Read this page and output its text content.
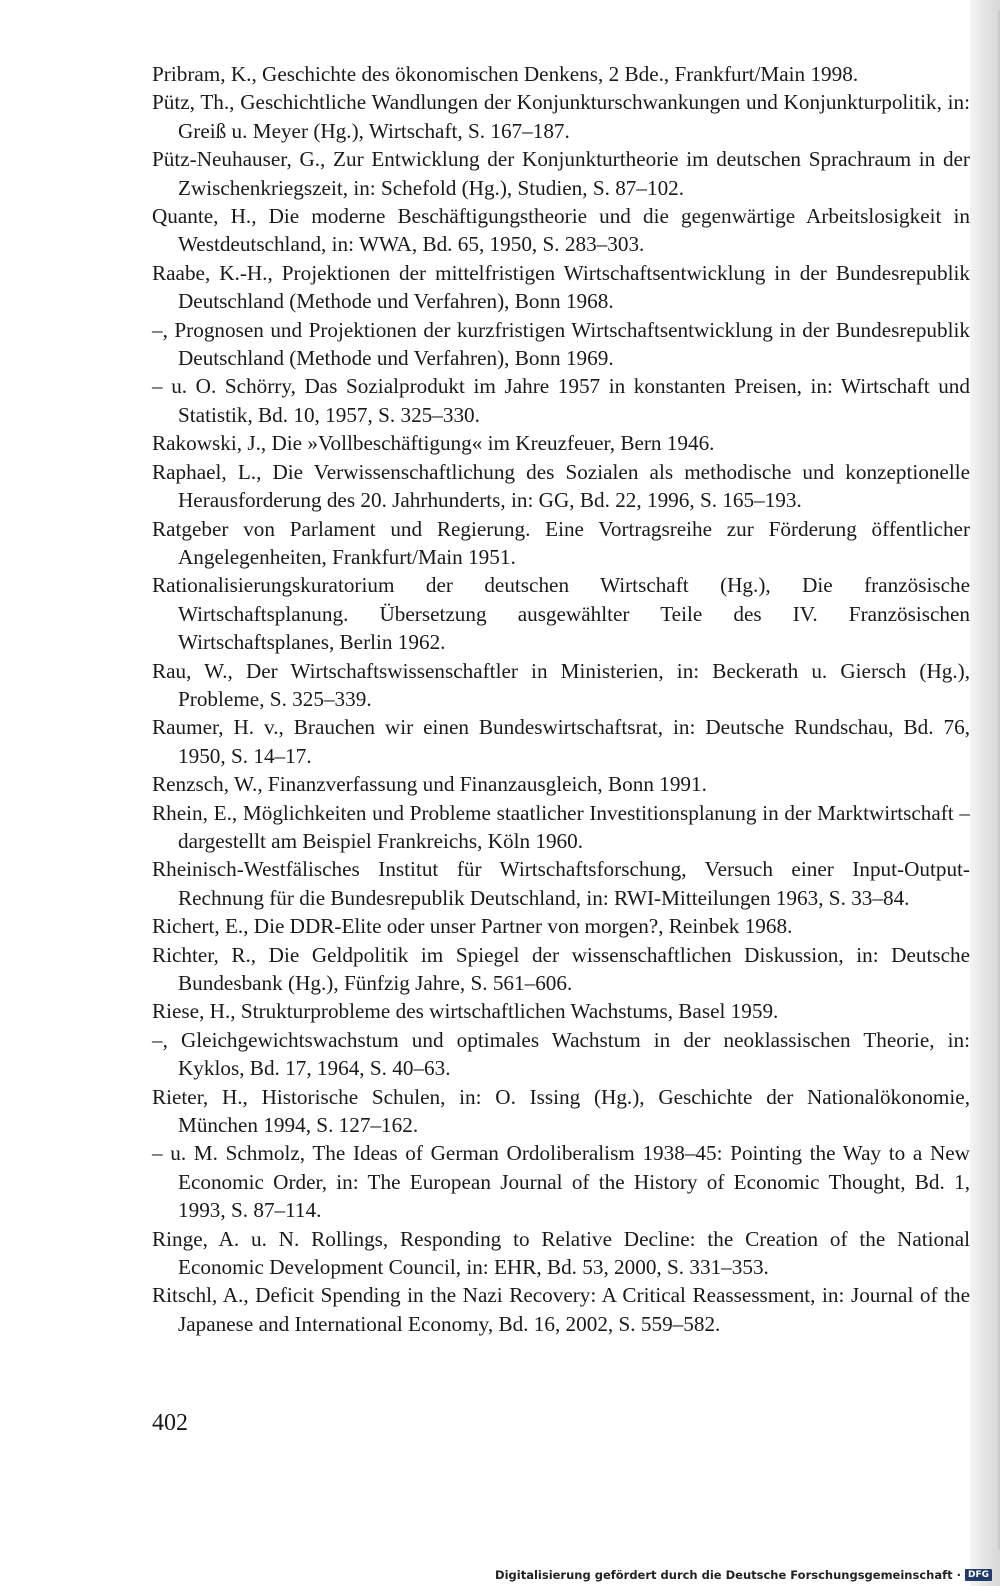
Pribram, K., Geschichte des ökonomischen Denkens, 2 Bde., Frankfurt/Main 1998.

Pütz, Th., Geschichtliche Wandlungen der Konjunkturschwankungen und Konjunkturpolitik, in: Greiß u. Meyer (Hg.), Wirtschaft, S. 167–187.

Pütz-Neuhauser, G., Zur Entwicklung der Konjunkturtheorie im deutschen Sprachraum in der Zwischenkriegszeit, in: Schefold (Hg.), Studien, S. 87–102.

Quante, H., Die moderne Beschäftigungstheorie und die gegenwärtige Arbeitslosigkeit in Westdeutschland, in: WWA, Bd. 65, 1950, S. 283–303.

Raabe, K.-H., Projektionen der mittelfristigen Wirtschaftsentwicklung in der Bundesrepublik Deutschland (Methode und Verfahren), Bonn 1968.

–, Prognosen und Projektionen der kurzfristigen Wirtschaftsentwicklung in der Bundesrepublik Deutschland (Methode und Verfahren), Bonn 1969.

– u. O. Schörry, Das Sozialprodukt im Jahre 1957 in konstanten Preisen, in: Wirtschaft und Statistik, Bd. 10, 1957, S. 325–330.

Rakowski, J., Die »Vollbeschäftigung« im Kreuzfeuer, Bern 1946.

Raphael, L., Die Verwissenschaftlichung des Sozialen als methodische und konzeptionelle Herausforderung des 20. Jahrhunderts, in: GG, Bd. 22, 1996, S. 165–193.

Ratgeber von Parlament und Regierung. Eine Vortragsreihe zur Förderung öffentlicher Angelegenheiten, Frankfurt/Main 1951.

Rationalisierungskuratorium der deutschen Wirtschaft (Hg.), Die französische Wirtschaftsplanung. Übersetzung ausgewählter Teile des IV. Französischen Wirtschaftsplanes, Berlin 1962.

Rau, W., Der Wirtschaftswissenschaftler in Ministerien, in: Beckerath u. Giersch (Hg.), Probleme, S. 325–339.

Raumer, H. v., Brauchen wir einen Bundeswirtschaftsrat, in: Deutsche Rundschau, Bd. 76, 1950, S. 14–17.

Renzsch, W., Finanzverfassung und Finanzausgleich, Bonn 1991.

Rhein, E., Möglichkeiten und Probleme staatlicher Investitionsplanung in der Marktwirtschaft – dargestellt am Beispiel Frankreichs, Köln 1960.

Rheinisch-Westfälisches Institut für Wirtschaftsforschung, Versuch einer Input-Output-Rechnung für die Bundesrepublik Deutschland, in: RWI-Mitteilungen 1963, S. 33–84.

Richert, E., Die DDR-Elite oder unser Partner von morgen?, Reinbek 1968.

Richter, R., Die Geldpolitik im Spiegel der wissenschaftlichen Diskussion, in: Deutsche Bundesbank (Hg.), Fünfzig Jahre, S. 561–606.

Riese, H., Strukturprobleme des wirtschaftlichen Wachstums, Basel 1959.

–, Gleichgewichtswachstum und optimales Wachstum in der neoklassischen Theorie, in: Kyklos, Bd. 17, 1964, S. 40–63.

Rieter, H., Historische Schulen, in: O. Issing (Hg.), Geschichte der Nationalökonomie, München 1994, S. 127–162.

– u. M. Schmolz, The Ideas of German Ordoliberalism 1938–45: Pointing the Way to a New Economic Order, in: The European Journal of the History of Economic Thought, Bd. 1, 1993, S. 87–114.

Ringe, A. u. N. Rollings, Responding to Relative Decline: the Creation of the National Economic Development Council, in: EHR, Bd. 53, 2000, S. 331–353.

Ritschl, A., Deficit Spending in the Nazi Recovery: A Critical Reassessment, in: Journal of the Japanese and International Economy, Bd. 16, 2002, S. 559–582.

402
Digitalisierung gefördert durch die Deutsche Forschungsgemeinschaft · DFG
